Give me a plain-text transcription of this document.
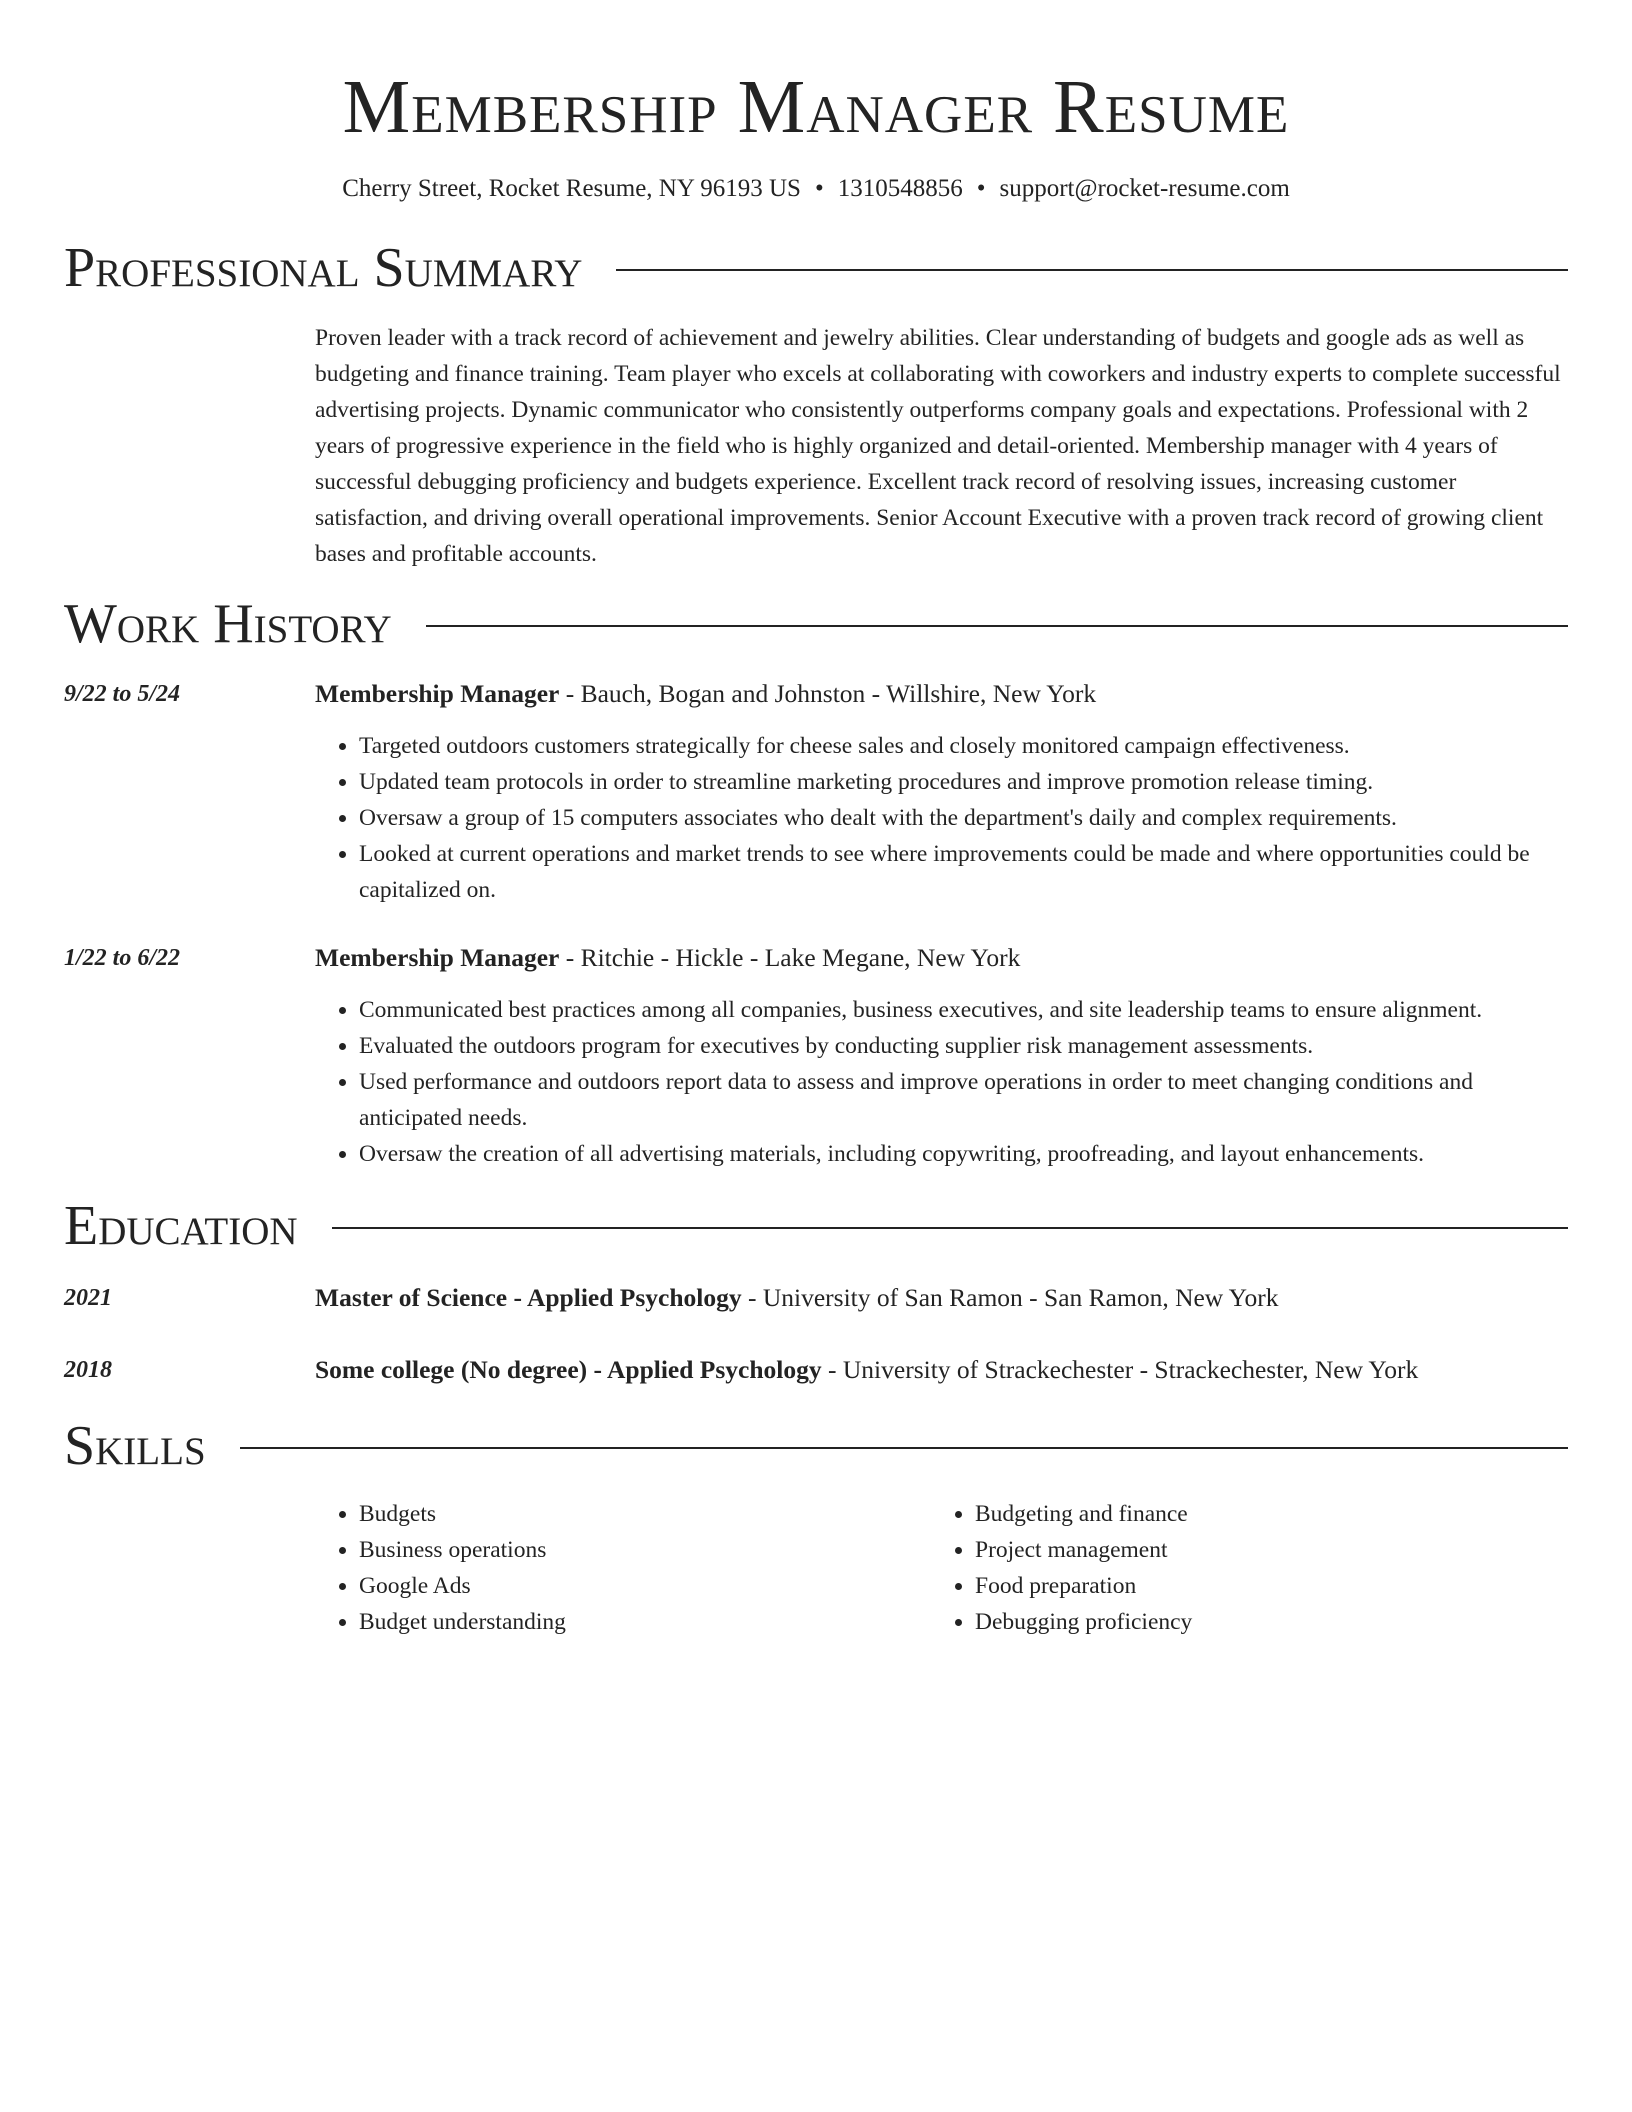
Membership Manager Resume
Cherry Street, Rocket Resume, NY 96193 US • 1310548856 • support@rocket-resume.com
Professional Summary
Proven leader with a track record of achievement and jewelry abilities. Clear understanding of budgets and google ads as well as budgeting and finance training. Team player who excels at collaborating with coworkers and industry experts to complete successful advertising projects. Dynamic communicator who consistently outperforms company goals and expectations. Professional with 2 years of progressive experience in the field who is highly organized and detail-oriented. Membership manager with 4 years of successful debugging proficiency and budgets experience. Excellent track record of resolving issues, increasing customer satisfaction, and driving overall operational improvements. Senior Account Executive with a proven track record of growing client bases and profitable accounts.
Work History
9/22 to 5/24	Membership Manager - Bauch, Bogan and Johnston - Willshire, New York
• Targeted outdoors customers strategically for cheese sales and closely monitored campaign effectiveness.
• Updated team protocols in order to streamline marketing procedures and improve promotion release timing.
• Oversaw a group of 15 computers associates who dealt with the department's daily and complex requirements.
• Looked at current operations and market trends to see where improvements could be made and where opportunities could be capitalized on.
1/22 to 6/22	Membership Manager - Ritchie - Hickle - Lake Megane, New York
• Communicated best practices among all companies, business executives, and site leadership teams to ensure alignment.
• Evaluated the outdoors program for executives by conducting supplier risk management assessments.
• Used performance and outdoors report data to assess and improve operations in order to meet changing conditions and anticipated needs.
• Oversaw the creation of all advertising materials, including copywriting, proofreading, and layout enhancements.
Education
2021	Master of Science - Applied Psychology - University of San Ramon - San Ramon, New York
2018	Some college (No degree) - Applied Psychology - University of Strackechester - Strackechester, New York
Skills
• Budgets
• Business operations
• Google Ads
• Budget understanding
• Budgeting and finance
• Project management
• Food preparation
• Debugging proficiency
